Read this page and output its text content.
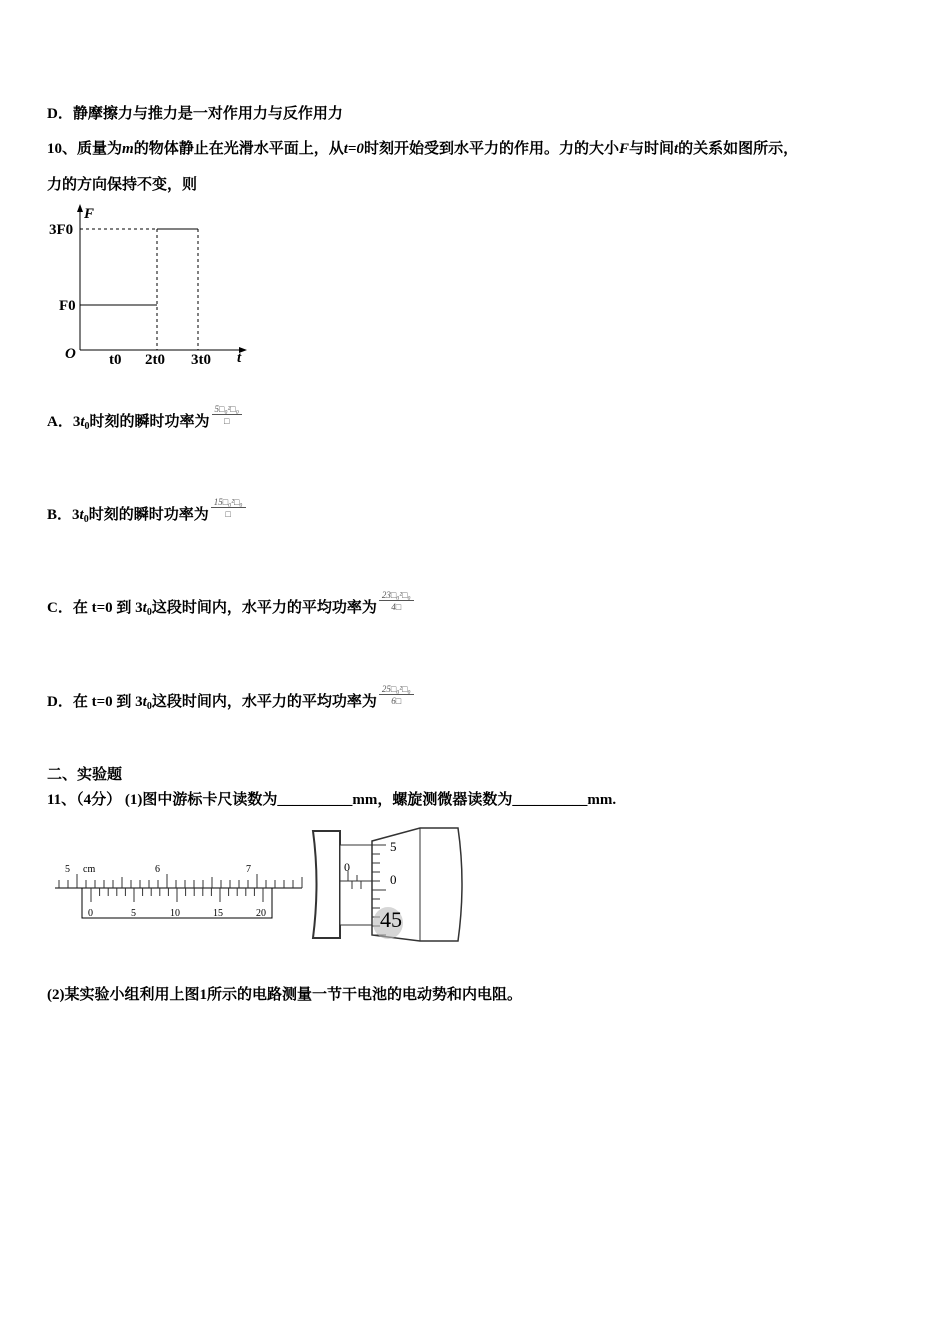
D．静摩擦力与推力是一对作用力与反作用力
10、质量为m的物体静止在光滑水平面上，从t=0时刻开始受到水平力的作用。力的大小F与时间t的关系如图所示，
力的方向保持不变，则
F
t
O
3F0
F0
t0 2t0 3t0
A．$3t_0$时刻的瞬时功率为 $\frac{\text{5□₀²□₀}}{□}$
B．$3t_0$时刻的瞬时功率为 $\frac{\text{15□₀²□₀}}{□}$
C．在 t=0 到 $3t_0$这段时间内，水平力的平均功率为 $\frac{\text{23□₀²□₀}}{4□}$
D．在 t=0 到 $3t_0$这段时间内，水平力的平均功率为 $\frac{\text{25□₀²□₀}}{6□}$
二、实验题
11、（4分） (1)图中游标卡尺读数为__________mm，螺旋测微器读数为__________mm.
5 cm	6	7
0	5	10	15	20
0
5
0
45
(2)某实验小组利用上图1所示的电路测量一节干电池的电动势和内电阻。
